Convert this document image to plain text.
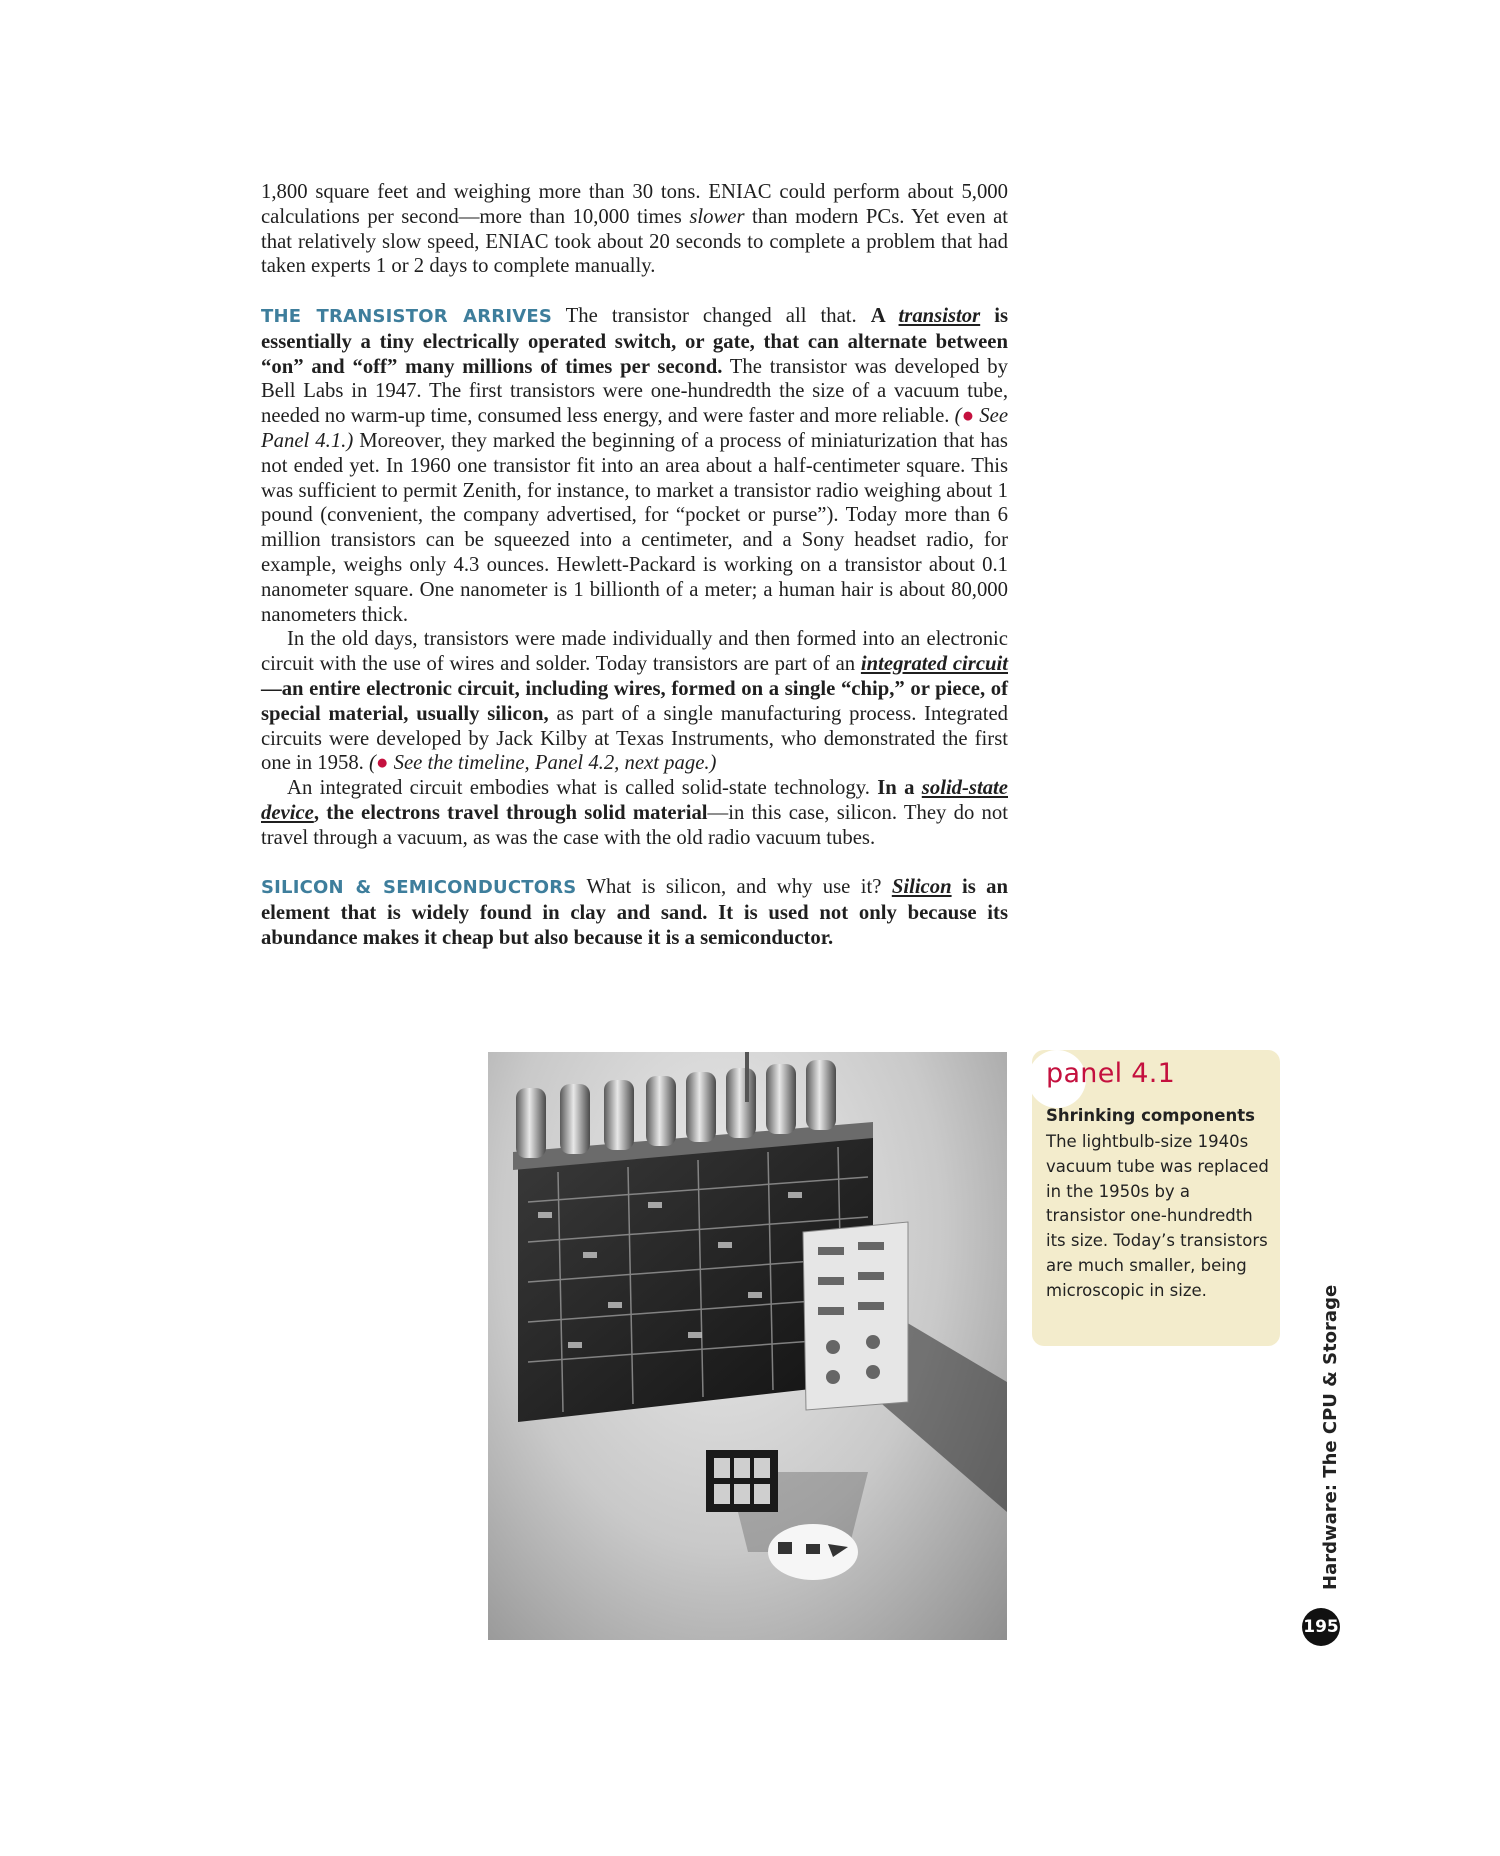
1,800 square feet and weighing more than 30 tons. ENIAC could perform about 5,000 calculations per second—more than 10,000 times slower than modern PCs. Yet even at that relatively slow speed, ENIAC took about 20 seconds to complete a problem that had taken experts 1 or 2 days to complete manually.

THE TRANSISTOR ARRIVES The transistor changed all that. A transistor is essentially a tiny electrically operated switch, or gate, that can alternate between “on” and “off” many millions of times per second. The transistor was developed by Bell Labs in 1947. The first transistors were one-hundredth the size of a vacuum tube, needed no warm-up time, consumed less energy, and were faster and more reliable. (● See Panel 4.1.) Moreover, they marked the beginning of a process of miniaturization that has not ended yet. In 1960 one transistor fit into an area about a half-centimeter square. This was sufficient to permit Zenith, for instance, to market a transistor radio weighing about 1 pound (convenient, the company advertised, for “pocket or purse”). Today more than 6 million transistors can be squeezed into a centimeter, and a Sony headset radio, for example, weighs only 4.3 ounces. Hewlett-Packard is working on a transistor about 0.1 nanometer square. One nanometer is 1 billionth of a meter; a human hair is about 80,000 nanometers thick.

In the old days, transistors were made individually and then formed into an electronic circuit with the use of wires and solder. Today transistors are part of an integrated circuit—an entire electronic circuit, including wires, formed on a single “chip,” or piece, of special material, usually silicon, as part of a single manufacturing process. Integrated circuits were developed by Jack Kilby at Texas Instruments, who demonstrated the first one in 1958. (● See the timeline, Panel 4.2, next page.)

An integrated circuit embodies what is called solid-state technology. In a solid-state device, the electrons travel through solid material—in this case, silicon. They do not travel through a vacuum, as was the case with the old radio vacuum tubes.

SILICON & SEMICONDUCTORS What is silicon, and why use it? Silicon is an element that is widely found in clay and sand. It is used not only because its abundance makes it cheap but also because it is a semiconductor.

panel 4.1
Shrinking components
The lightbulb-size 1940s vacuum tube was replaced in the 1950s by a transistor one-hundredth its size. Today’s transistors are much smaller, being microscopic in size.	Hardware: The CPU & Storage
195
